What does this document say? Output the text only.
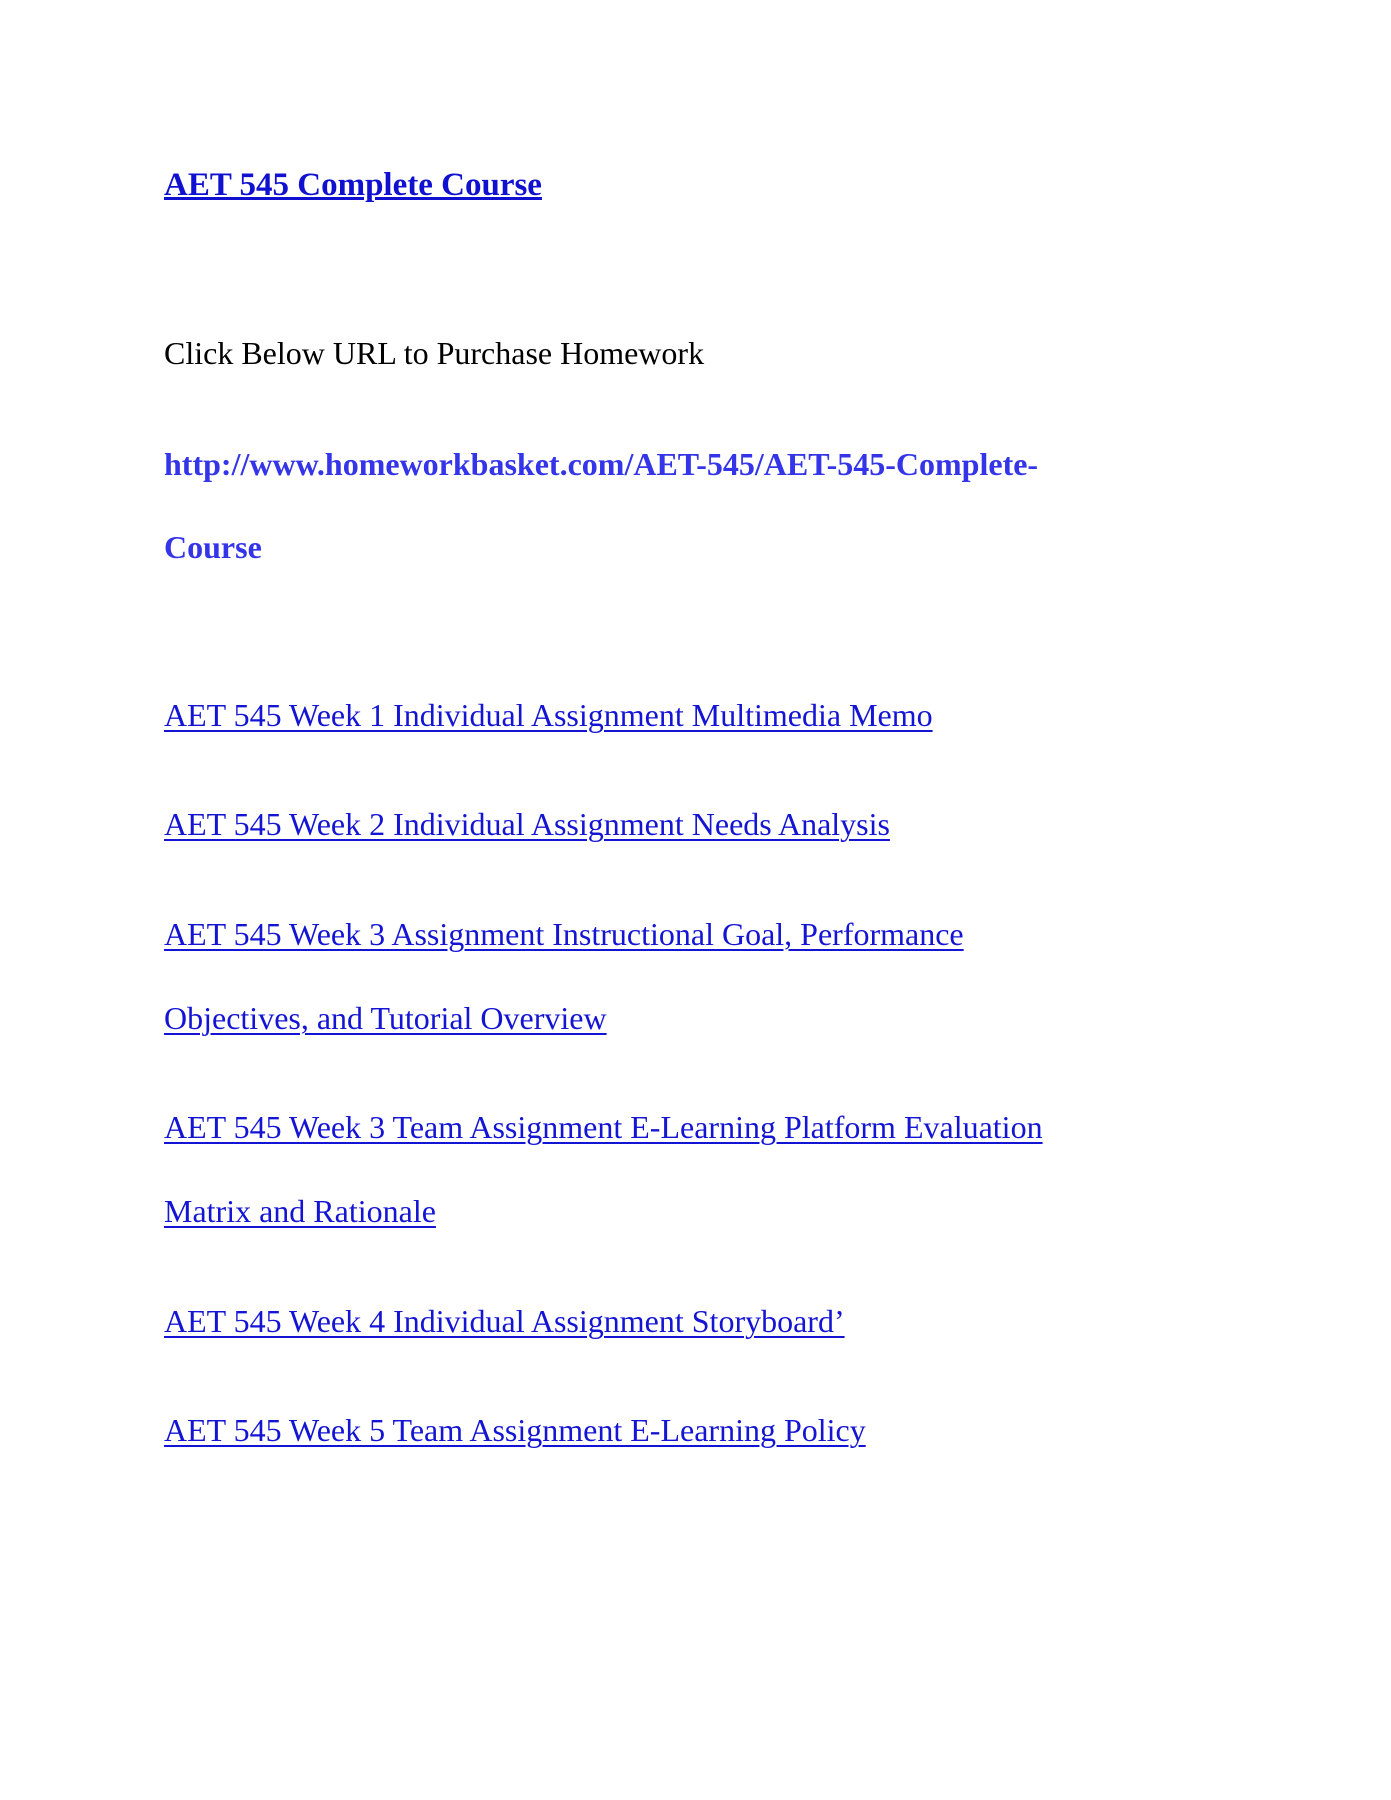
AET 545 Complete Course
Click Below URL to Purchase Homework
http://www.homeworkbasket.com/AET-545/AET-545-Complete-
Course
AET 545 Week 1 Individual Assignment Multimedia Memo
AET 545 Week 2 Individual Assignment Needs Analysis
AET 545 Week 3 Assignment Instructional Goal, Performance
Objectives, and Tutorial Overview
AET 545 Week 3 Team Assignment E-Learning Platform Evaluation
Matrix and Rationale
AET 545 Week 4 Individual Assignment Storyboard’
AET 545 Week 5 Team Assignment E-Learning Policy
